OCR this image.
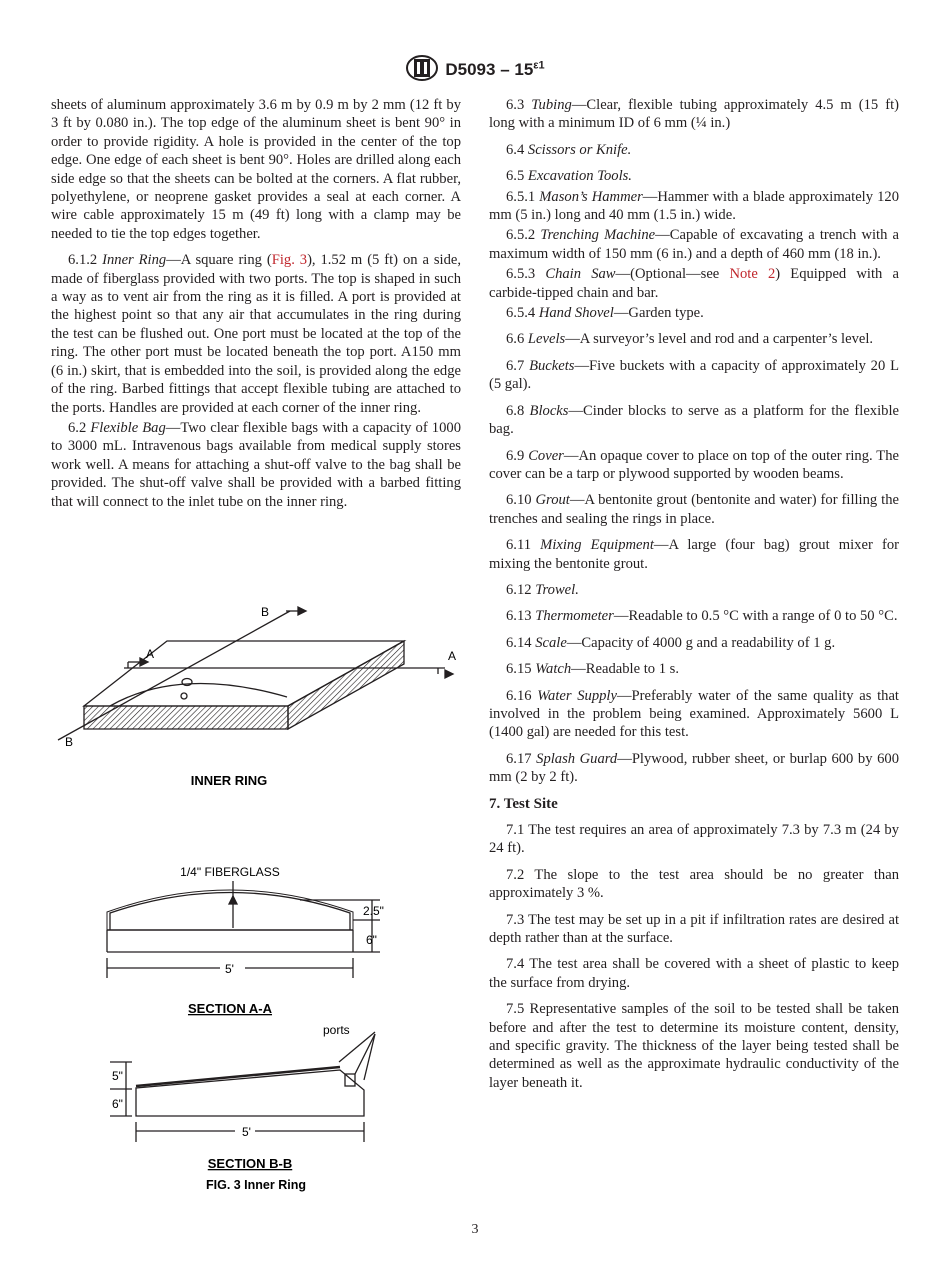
$D5093 - 15^{\varepsilon 1}$

sheets of aluminum approximately 3.6 m by 0.9 m by 2 mm (12 ft by 3 ft by 0.080 in.). The top edge of the aluminum sheet is bent 90° in order to provide rigidity. A hole is provided in the center of the top edge. One edge of each sheet is bent 90°. Holes are drilled along each side edge so that the sheets can be bolted at the corners. A flat rubber, polyethylene, or neoprene gasket provides a seal at each corner. A wire cable approximately 15 m (49 ft) long with a clamp may be needed to tie the top edges together.

6.1.2 Inner Ring—A square ring (Fig. 3), 1.52 m (5 ft) on a side, made of fiberglass provided with two ports. The top is shaped in such a way as to vent air from the ring as it is filled. A port is provided at the highest point so that any air that accumulates in the ring during the test can be flushed out. One port must be located at the top of the ring. The other port must be located beneath the top port. A150 mm (6 in.) skirt, that is embedded into the soil, is provided along the edge of the ring. Barbed fittings that accept flexible tubing are attached to the ports. Handles are provided at each corner of the inner ring.

6.2 Flexible Bag—Two clear flexible bags with a capacity of 1000 to 3000 mL. Intravenous bags available from medical supply stores work well. A means for attaching a shut-off valve to the bag shall be provided. The shut-off valve shall be provided with a barbed fitting that will connect to the inlet tube on the inner ring.

B
B
A	A
INNER RING
1/4" FIBERGLASS
2.5"
6"
5'
SECTION A-A
ports
5"
6"
5'
SECTION B-B
FIG. 3 Inner Ring

6.3 Tubing—Clear, flexible tubing approximately 4.5 m (15 ft) long with a minimum ID of 6 mm (¼ in.)

6.4 Scissors or Knife.

6.5 Excavation Tools.

6.5.1 Mason’s Hammer—Hammer with a blade approximately 120 mm (5 in.) long and 40 mm (1.5 in.) wide.

6.5.2 Trenching Machine—Capable of excavating a trench with a maximum width of 150 mm (6 in.) and a depth of 460 mm (18 in.).

6.5.3 Chain Saw—(Optional—see Note 2) Equipped with a carbide-tipped chain and bar.

6.5.4 Hand Shovel—Garden type.

6.6 Levels—A surveyor’s level and rod and a carpenter’s level.

6.7 Buckets—Five buckets with a capacity of approximately 20 L (5 gal).

6.8 Blocks—Cinder blocks to serve as a platform for the flexible bag.

6.9 Cover—An opaque cover to place on top of the outer ring. The cover can be a tarp or plywood supported by wooden beams.

6.10 Grout—A bentonite grout (bentonite and water) for filling the trenches and sealing the rings in place.

6.11 Mixing Equipment—A large (four bag) grout mixer for mixing the bentonite grout.

6.12 Trowel.

6.13 Thermometer—Readable to 0.5 °C with a range of 0 to 50 °C.

6.14 Scale—Capacity of 4000 g and a readability of 1 g.

6.15 Watch—Readable to 1 s.

6.16 Water Supply—Preferably water of the same quality as that involved in the problem being examined. Approximately 5600 L (1400 gal) are needed for this test.

6.17 Splash Guard—Plywood, rubber sheet, or burlap 600 by 600 mm (2 by 2 ft).

7. Test Site

7.1 The test requires an area of approximately 7.3 by 7.3 m (24 by 24 ft).

7.2 The slope to the test area should be no greater than approximately 3 %.

7.3 The test may be set up in a pit if infiltration rates are desired at depth rather than at the surface.

7.4 The test area shall be covered with a sheet of plastic to keep the surface from drying.

7.5 Representative samples of the soil to be tested shall be taken before and after the test to determine its moisture content, density, and specific gravity. The thickness of the layer being tested shall be determined as well as the approximate hydraulic conductivity of the layer beneath it.

3
